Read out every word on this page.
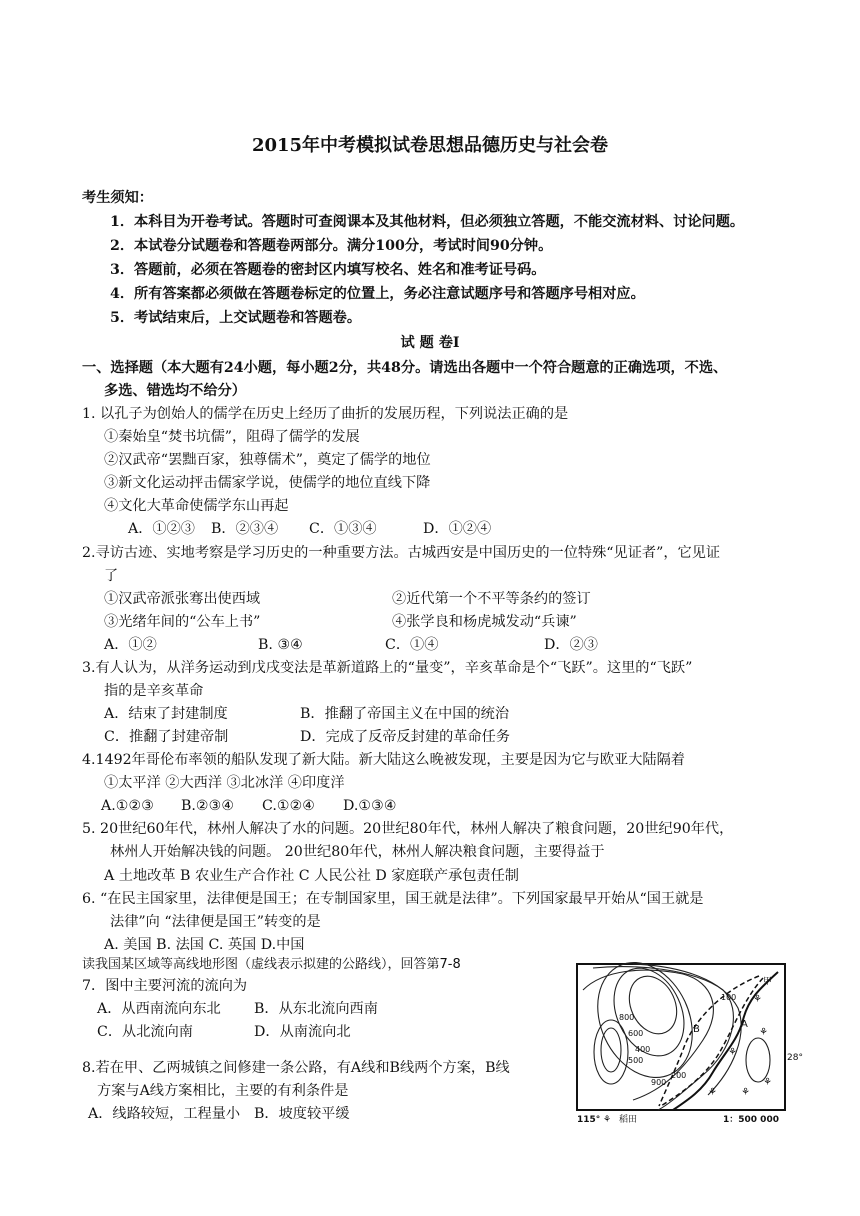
2015年中考模拟试卷思想品德历史与社会卷
考生须知：
1．本科目为开卷考试。答题时可查阅课本及其他材料，但必须独立答题，不能交流材料、讨论问题。
2．本试卷分试题卷和答题卷两部分。满分100分，考试时间90分钟。
3．答题前，必须在答题卷的密封区内填写校名、姓名和准考证号码。
4．所有答案都必须做在答题卷标定的位置上，务必注意试题序号和答题序号相对应。
5．考试结束后，上交试题卷和答题卷。
试 题 卷Ⅰ
一、选择题（本大题有24小题，每小题2分，共48分。请选出各题中一个符合题意的正确选项，不选、
多选、错选均不给分）
1. 以孔子为创始人的儒学在历史上经历了曲折的发展历程，下列说法正确的是
①秦始皇“焚书坑儒”，阻碍了儒学的发展
②汉武帝“罢黜百家，独尊儒术”，奠定了儒学的地位
③新文化运动抨击儒家学说，使儒学的地位直线下降
④文化大革命使儒学东山再起
A．①②③ B．②③④ C．①③④	D．①②④
2.寻访古迹、实地考察是学习历史的一种重要方法。古城西安是中国历史的一位特殊“见证者”，它见证
了
①汉武帝派张骞出使西域	②近代第一个不平等条约的签订
③光绪年间的“公车上书”	④张学良和杨虎城发动“兵谏”
A．①②	B. ③④	C．①④	D．②③
3.有人认为，从洋务运动到戊戌变法是革新道路上的“量变”，辛亥革命是个“飞跃”。这里的“飞跃”
指的是辛亥革命
A．结束了封建制度	B．推翻了帝国主义在中国的统治
C．推翻了封建帝制	D．完成了反帝反封建的革命任务
4.1492年哥伦布率领的船队发现了新大陆。新大陆这么晚被发现，主要是因为它与欧亚大陆隔着
①太平洋 ②大西洋 ③北冰洋 ④印度洋
A.①②③ B.②③④ C.①②④ D.①③④
5. 20世纪60年代，林州人解决了水的问题。20世纪80年代，林州人解决了粮食问题，20世纪90年代，
林州人开始解决钱的问题。 20世纪80年代，林州人解决粮食问题，主要得益于
A 土地改革 B 农业生产合作社 C 人民公社 D 家庭联产承包责任制
6. “在民主国家里，法律便是国王；在专制国家里，国王就是法律”。下列国家最早开始从“国王就是
法律”向 “法律便是国王”转变的是
A. 美国 B. 法国 C. 英国 D.中国
读我国某区域等高线地形图（虚线表示拟建的公路线），回答第7-8
7．图中主要河流的流向为
A．从西南流向东北 B．从东北流向西南
C．从北流向南	D．从南流向北
8.若在甲、乙两城镇之间修建一条公路，有A线和B线两个方案，B线
方案与A线方案相比，主要的有利条件是
A．线路较短，工程量小 B．坡度较平缓
⚘
⚘
⚘
⚘ ⚘
⚘
800
600
400
900
200
100
500
A
B
甲
28°
115° 稻田	1：500 000
⚘
